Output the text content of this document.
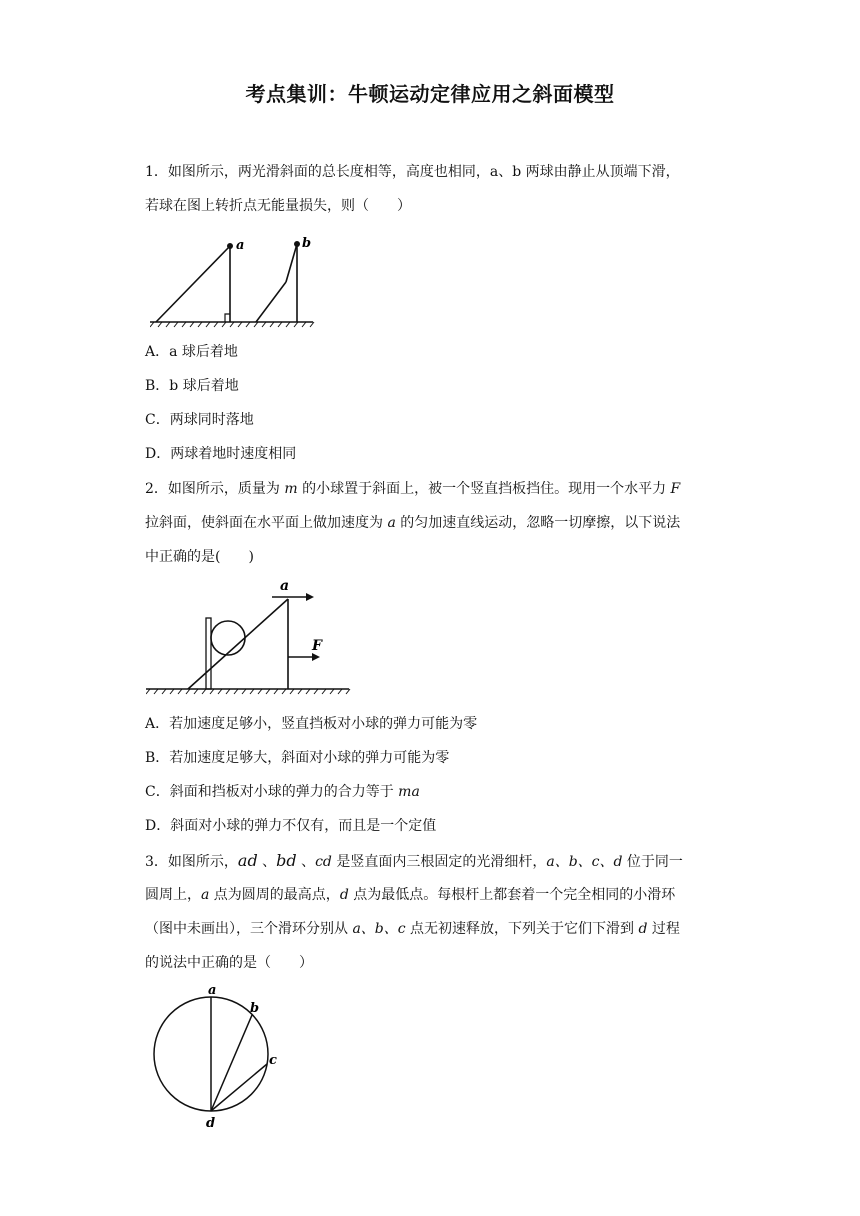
考点集训：牛顿运动定律应用之斜面模型
1．如图所示，两光滑斜面的总长度相等，高度也相同，a、b 两球由静止从顶端下滑，
若球在图上转折点无能量损失，则（　　）
a	b
A．a 球后着地
B．b 球后着地
C．两球同时落地
D．两球着地时速度相同
2．如图所示，质量为 m 的小球置于斜面上，被一个竖直挡板挡住。现用一个水平力 F
拉斜面，使斜面在水平面上做加速度为 a 的匀加速直线运动，忽略一切摩擦，以下说法
中正确的是(　　)
a
F
A．若加速度足够小，竖直挡板对小球的弹力可能为零
B．若加速度足够大，斜面对小球的弹力可能为零
C．斜面和挡板对小球的弹力的合力等于 ma
D．斜面对小球的弹力不仅有，而且是一个定值
3．如图所示，ad 、bd 、cd 是竖直面内三根固定的光滑细杆，a、b、c、d 位于同一
圆周上，a 点为圆周的最高点，d 点为最低点。每根杆上都套着一个完全相同的小滑环
（图中未画出），三个滑环分别从 a、b、c 点无初速释放，下列关于它们下滑到 d 过程
的说法中正确的是（　　）
a
b
c
d
